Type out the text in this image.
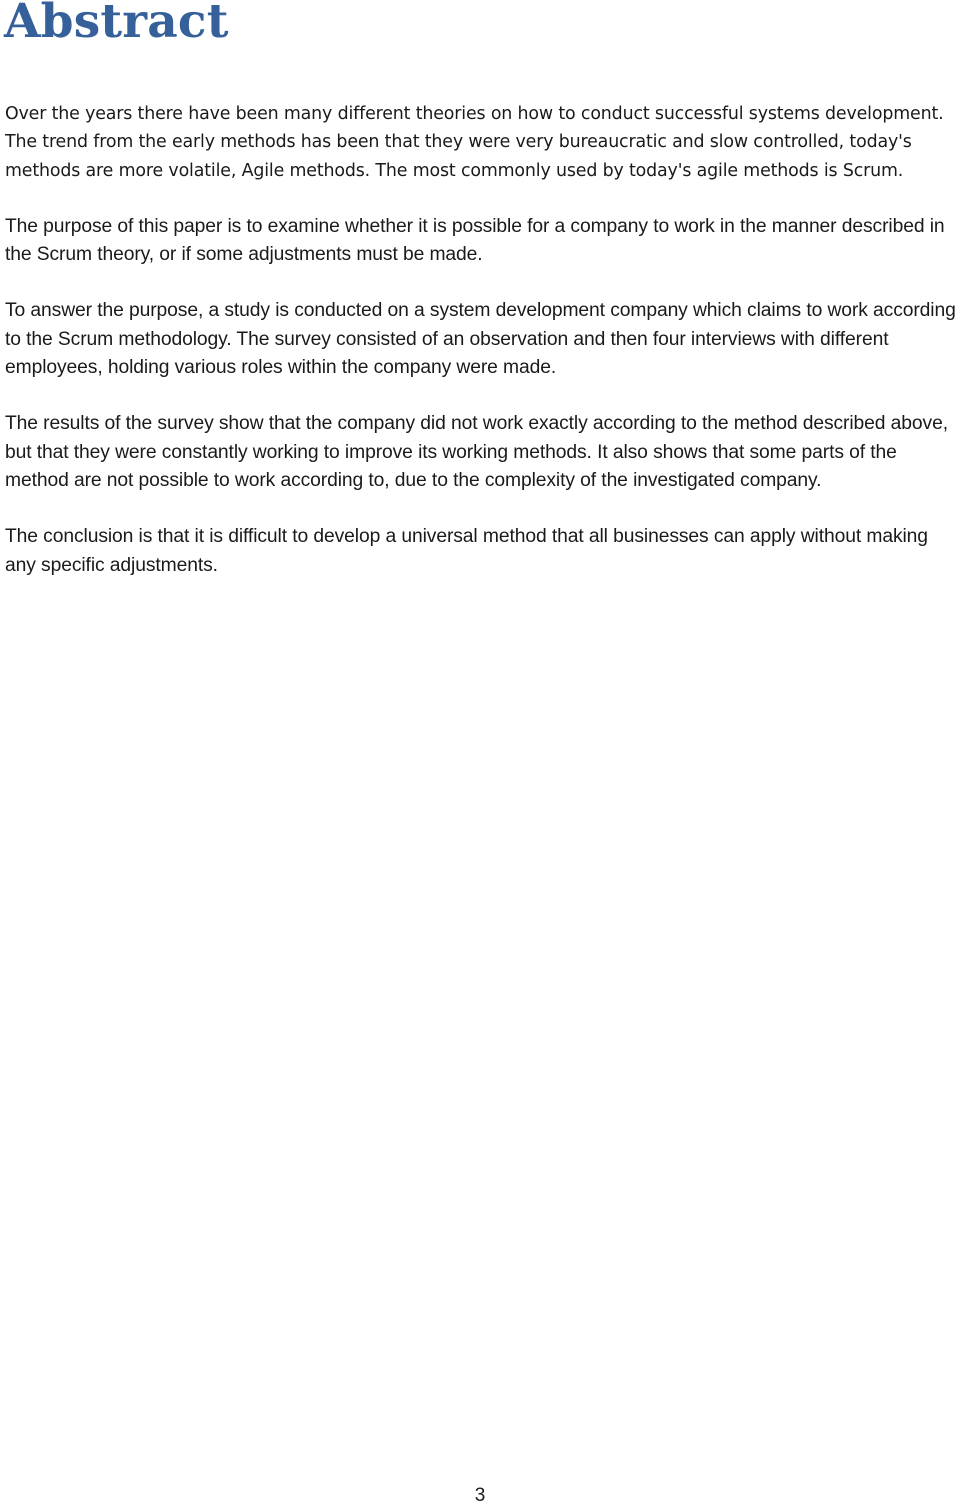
Abstract

Over the years there have been many different theories on how to conduct successful systems development. The trend from the early methods has been that they were very bureaucratic and slow controlled, today's methods are more volatile, Agile methods. The most commonly used by today's agile methods is Scrum.

The purpose of this paper is to examine whether it is possible for a company to work in the manner described in the Scrum theory, or if some adjustments must be made.

To answer the purpose, a study is conducted on a system development company which claims to work according to the Scrum methodology. The survey consisted of an observation and then four interviews with different employees, holding various roles within the company were made.

The results of the survey show that the company did not work exactly according to the method described above, but that they were constantly working to improve its working methods. It also shows that some parts of the method are not possible to work according to, due to the complexity of the investigated company.

The conclusion is that it is difficult to develop a universal method that all businesses can apply without making any specific adjustments.

3
